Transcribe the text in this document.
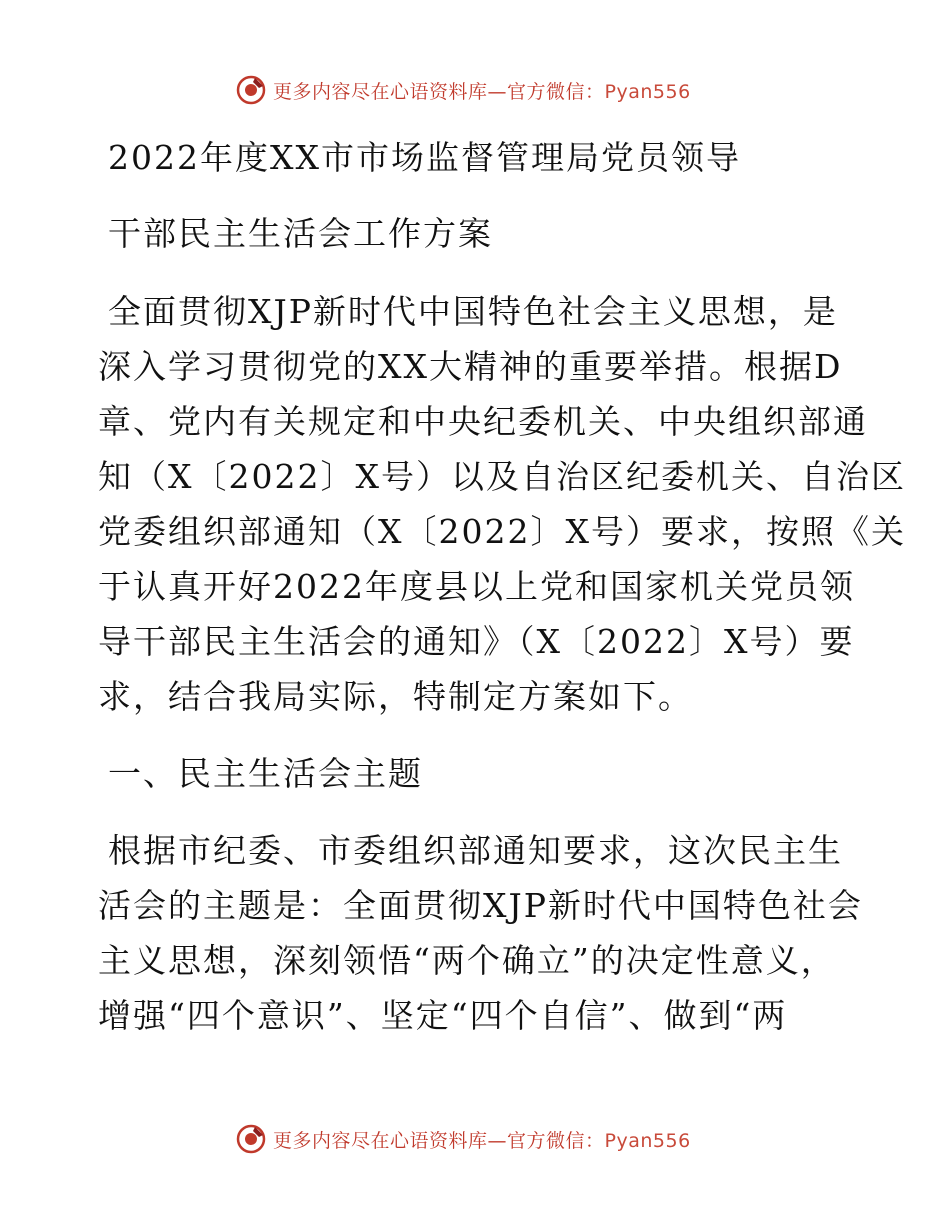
更多内容尽在心语资料库—官方微信：Pyan556
2022年度XX市市场监督管理局党员领导
干部民主生活会工作方案

全面贯彻XJP新时代中国特色社会主义思想，是
深入学习贯彻党的XX大精神的重要举措。根据D
章、党内有关规定和中央纪委机关、中央组织部通
知（X〔2022〕X号）以及自治区纪委机关、自治区
党委组织部通知（X〔2022〕X号）要求，按照《关
于认真开好2022年度县以上党和国家机关党员领
导干部民主生活会的通知》（X〔2022〕X号）要
求，结合我局实际，特制定方案如下。

一、民主生活会主题

根据市纪委、市委组织部通知要求，这次民主生
活会的主题是：全面贯彻XJP新时代中国特色社会
主义思想，深刻领悟“两个确立”的决定性意义，
增强“四个意识”、坚定“四个自信”、做到“两

更多内容尽在心语资料库—官方微信：Pyan556
